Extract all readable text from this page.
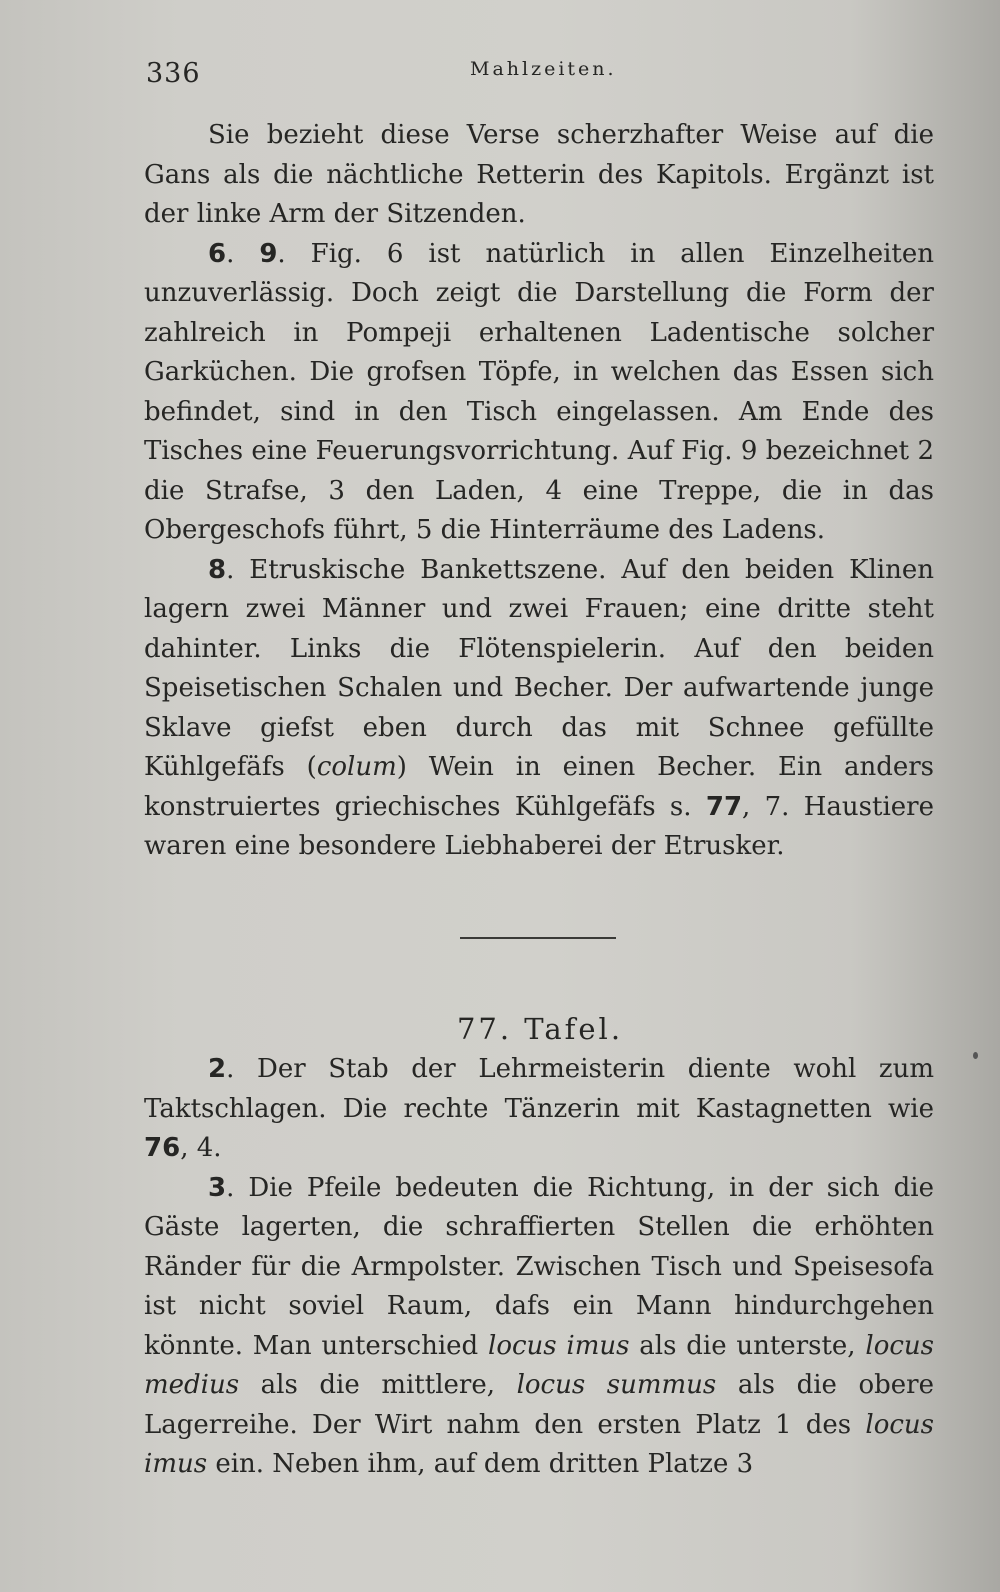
336	Mahlzeiten.

Sie bezieht diese Verse scherzhafter Weise auf die Gans als die nächtliche Retterin des Kapitols. Ergänzt ist der linke Arm der Sitzenden.

6. 9. Fig. 6 ist natürlich in allen Einzelheiten unzuverlässig. Doch zeigt die Darstellung die Form der zahlreich in Pompeji erhaltenen Ladentische solcher Garküchen. Die grofsen Töpfe, in welchen das Essen sich befindet, sind in den Tisch eingelassen. Am Ende des Tisches eine Feuerungsvorrichtung. Auf Fig. 9 bezeichnet 2 die Strafse, 3 den Laden, 4 eine Treppe, die in das Obergeschofs führt, 5 die Hinterräume des Ladens.

8. Etruskische Bankettszene. Auf den beiden Klinen lagern zwei Männer und zwei Frauen; eine dritte steht dahinter. Links die Flötenspielerin. Auf den beiden Speisetischen Schalen und Becher. Der aufwartende junge Sklave giefst eben durch das mit Schnee gefüllte Kühlgefäfs (colum) Wein in einen Becher. Ein anders konstruiertes griechisches Kühlgefäfs s. 77, 7. Haustiere waren eine besondere Liebhaberei der Etrusker.

77. Tafel.

2. Der Stab der Lehrmeisterin diente wohl zum Taktschlagen. Die rechte Tänzerin mit Kastagnetten wie 76, 4.

3. Die Pfeile bedeuten die Richtung, in der sich die Gäste lagerten, die schraffierten Stellen die erhöhten Ränder für die Armpolster. Zwischen Tisch und Speisesofa ist nicht soviel Raum, dafs ein Mann hindurchgehen könnte. Man unterschied locus imus als die unterste, locus medius als die mittlere, locus summus als die obere Lagerreihe. Der Wirt nahm den ersten Platz 1 des locus imus ein. Neben ihm, auf dem dritten Platze 3
